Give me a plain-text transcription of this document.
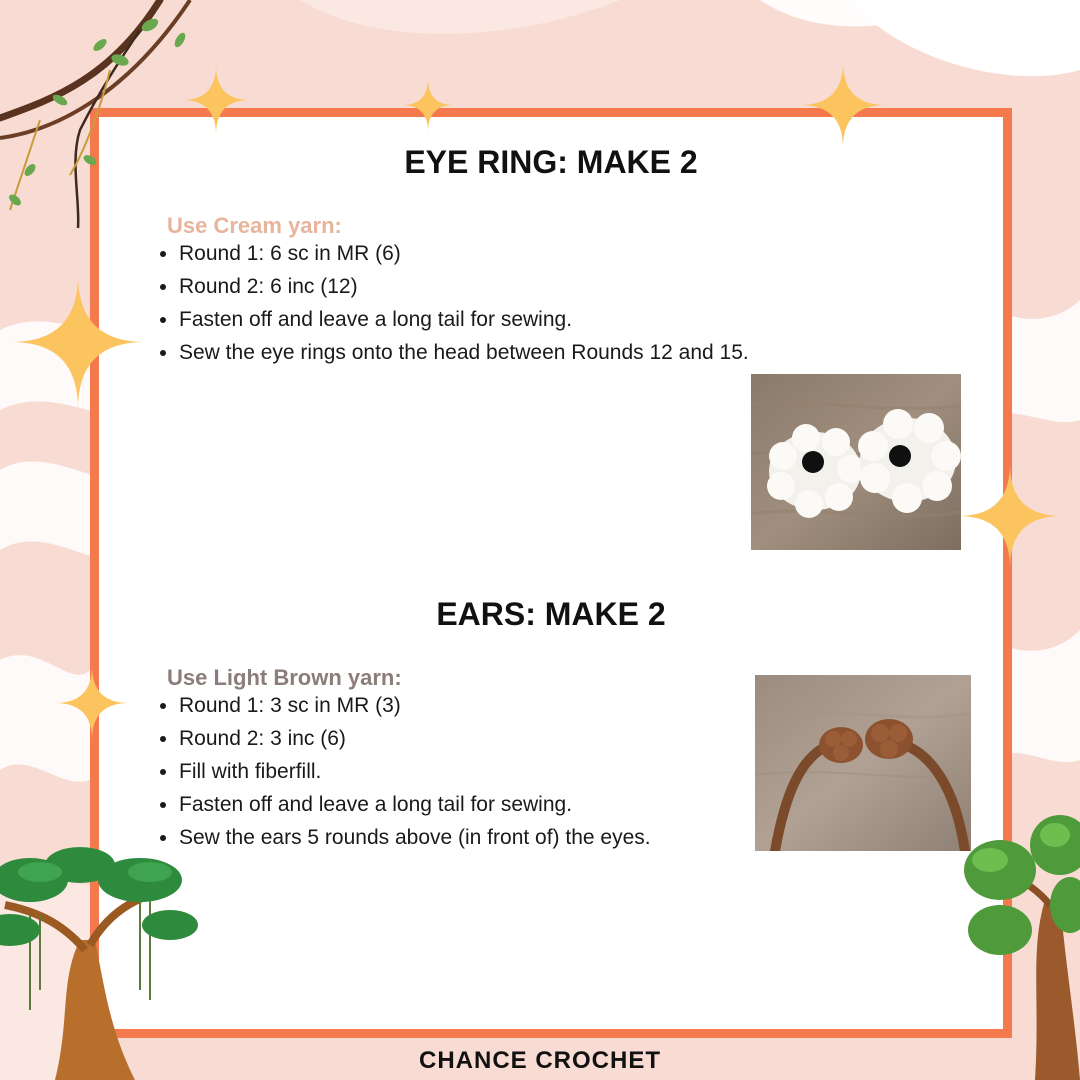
EYE RING: MAKE 2

Use Cream yarn:

• Round 1: 6 sc in MR (6)
• Round 2: 6 inc (12)
• Fasten off and leave a long tail for sewing.
• Sew the eye rings onto the head between Rounds 12 and 15.
EARS: MAKE 2

Use Light Brown yarn:

• Round 1: 3 sc in MR (3)
• Round 2: 3 inc (6)
• Fill with fiberfill.
• Fasten off and leave a long tail for sewing.
• Sew the ears 5 rounds above (in front of) the eyes.
CHANCE CROCHET
